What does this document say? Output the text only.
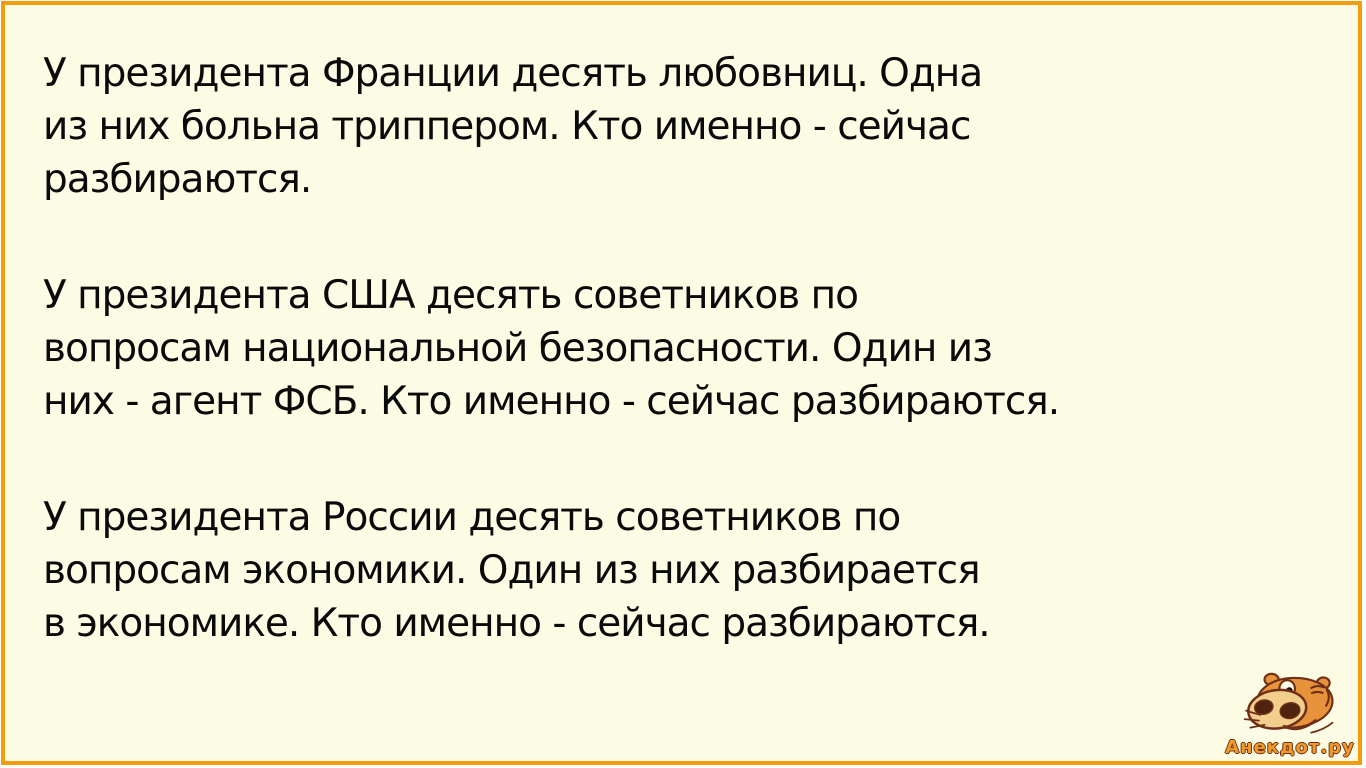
У президента Франции десять любовниц. Одна
из них больна триппером. Кто именно - сейчас
разбираются.
У президента США десять советников по
вопросам национальной безопасности. Один из
них - агент ФСБ. Кто именно - сейчас разбираются.
У президента России десять советников по
вопросам экономики. Один из них разбирается
в экономике. Кто именно - сейчас разбираются.
Анекдот.ру
